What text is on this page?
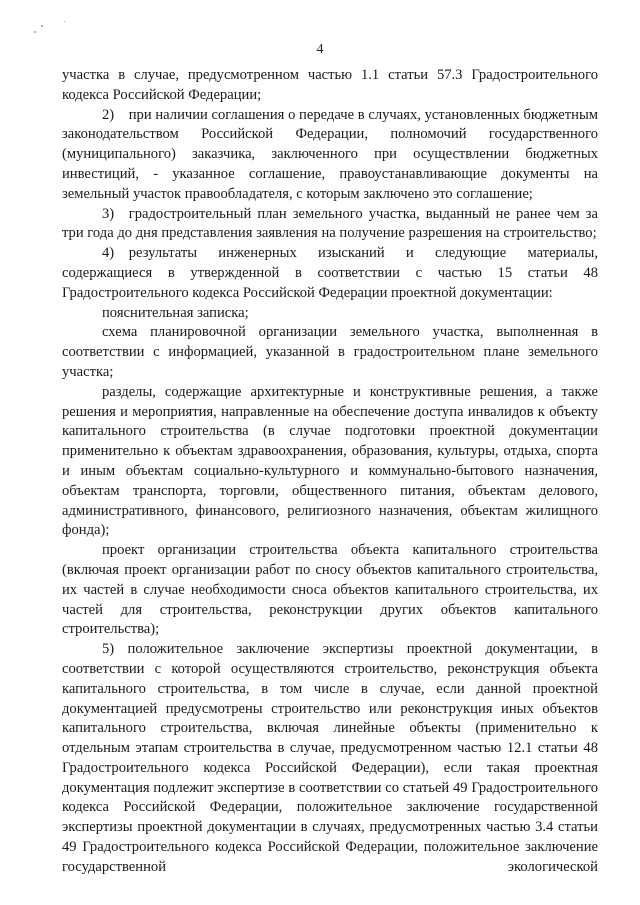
4

участка в случае, предусмотренном частью 1.1 статьи 57.3 Градостроительного кодекса Российской Федерации;

2) при наличии соглашения о передаче в случаях, установленных бюджетным законодательством Российской Федерации, полномочий государственного (муниципального) заказчика, заключенного при осуществлении бюджетных инвестиций, - указанное соглашение, правоустанавливающие документы на земельный участок правообладателя, с которым заключено это соглашение;

3) градостроительный план земельного участка, выданный не ранее чем за три года до дня представления заявления на получение разрешения на строительство;

4) результаты инженерных изысканий и следующие материалы, содержащиеся в утвержденной в соответствии с частью 15 статьи 48 Градостроительного кодекса Российской Федерации проектной документации:

пояснительная записка;

схема планировочной организации земельного участка, выполненная в соответствии с информацией, указанной в градостроительном плане земельного участка;

разделы, содержащие архитектурные и конструктивные решения, а также решения и мероприятия, направленные на обеспечение доступа инвалидов к объекту капитального строительства (в случае подготовки проектной документации применительно к объектам здравоохранения, образования, культуры, отдыха, спорта и иным объектам социально-культурного и коммунально-бытового назначения, объектам транспорта, торговли, общественного питания, объектам делового, административного, финансового, религиозного назначения, объектам жилищного фонда);

проект организации строительства объекта капитального строительства (включая проект организации работ по сносу объектов капитального строительства, их частей в случае необходимости сноса объектов капитального строительства, их частей для строительства, реконструкции других объектов капитального строительства);

5) положительное заключение экспертизы проектной документации, в соответствии с которой осуществляются строительство, реконструкция объекта капитального строительства, в том числе в случае, если данной проектной документацией предусмотрены строительство или реконструкция иных объектов капитального строительства, включая линейные объекты (применительно к отдельным этапам строительства в случае, предусмотренном частью 12.1 статьи 48 Градостроительного кодекса Российской Федерации), если такая проектная документация подлежит экспертизе в соответствии со статьей 49 Градостроительного кодекса Российской Федерации, положительное заключение государственной экспертизы проектной документации в случаях, предусмотренных частью 3.4 статьи 49 Градостроительного кодекса Российской Федерации, положительное заключение государственной экологической
